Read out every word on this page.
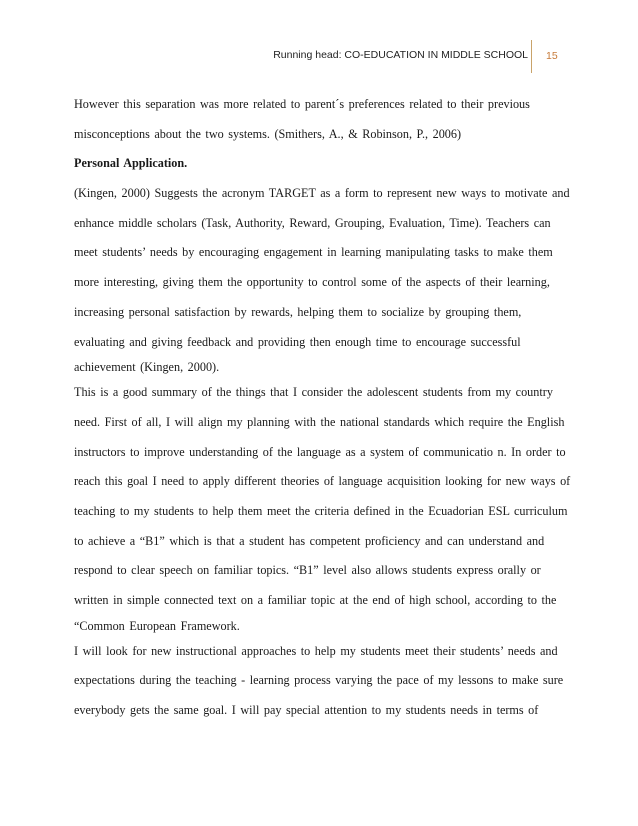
Running head: CO-EDUCATION IN MIDDLE SCHOOL 15
However this separation was more related to parent´s preferences related to their previous
misconceptions about the two systems. (Smithers, A., & Robinson, P., 2006)
Personal Application.
(Kingen, 2000) Suggests the acronym TARGET as a form to represent new ways to motivate and
enhance middle scholars (Task, Authority, Reward, Grouping, Evaluation, Time). Teachers can
meet students’ needs by encouraging engagement in learning manipulating tasks to make them
more interesting, giving them the opportunity to control some of the aspects of their learning,
increasing personal satisfaction by rewards, helping them to socialize by grouping them,
evaluating and giving feedback and providing then enough time to encourage successful
achievement (Kingen, 2000).
This is a good summary of the things that I consider the adolescent students from my country
need. First of all, I will align my planning with the national standards which require the English
instructors to improve understanding of the language as a system of communicatio n. In order to
reach this goal I need to apply different theories of language acquisition looking for new ways of
teaching to my students to help them meet the criteria defined in the Ecuadorian ESL curriculum
to achieve a “B1” which is that a student has competent proficiency and can understand and
respond to clear speech on familiar topics. “B1” level also allows students express orally or
written in simple connected text on a familiar topic at the end of high school, according to the
“Common European Framework.
I will look for new instructional approaches to help my students meet their students’ needs and
expectations during the teaching - learning process varying the pace of my lessons to make sure
everybody gets the same goal. I will pay special attention to my students needs in terms of
